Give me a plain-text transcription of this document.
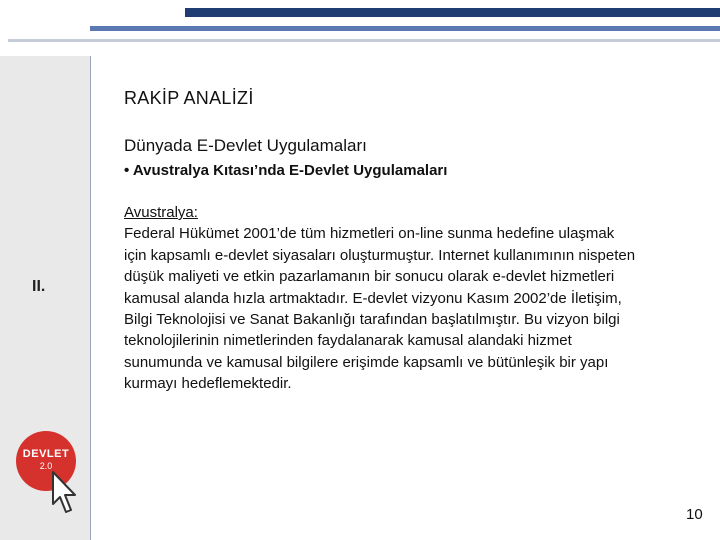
II.
DEVLET
2.0
RAKİP ANALİZİ
Dünyada E-Devlet Uygulamaları
• Avustralya Kıtası’nda E-Devlet Uygulamaları
Avustralya:
Federal Hükümet 2001’de tüm hizmetleri on-line sunma hedefine ulaşmak için kapsamlı e-devlet siyasaları oluşturmuştur. Internet kullanımının nispeten düşük maliyeti ve etkin pazarlamanın bir sonucu olarak e-devlet hizmetleri kamusal alanda hızla artmaktadır. E-devlet vizyonu Kasım 2002’de İletişim, Bilgi Teknolojisi ve Sanat Bakanlığı tarafından başlatılmıştır. Bu vizyon bilgi teknolojilerinin nimetlerinden faydalanarak kamusal alandaki hizmet sunumunda ve kamusal bilgilere erişimde kapsamlı ve bütünleşik bir yapı kurmayı hedeflemektedir.
10
